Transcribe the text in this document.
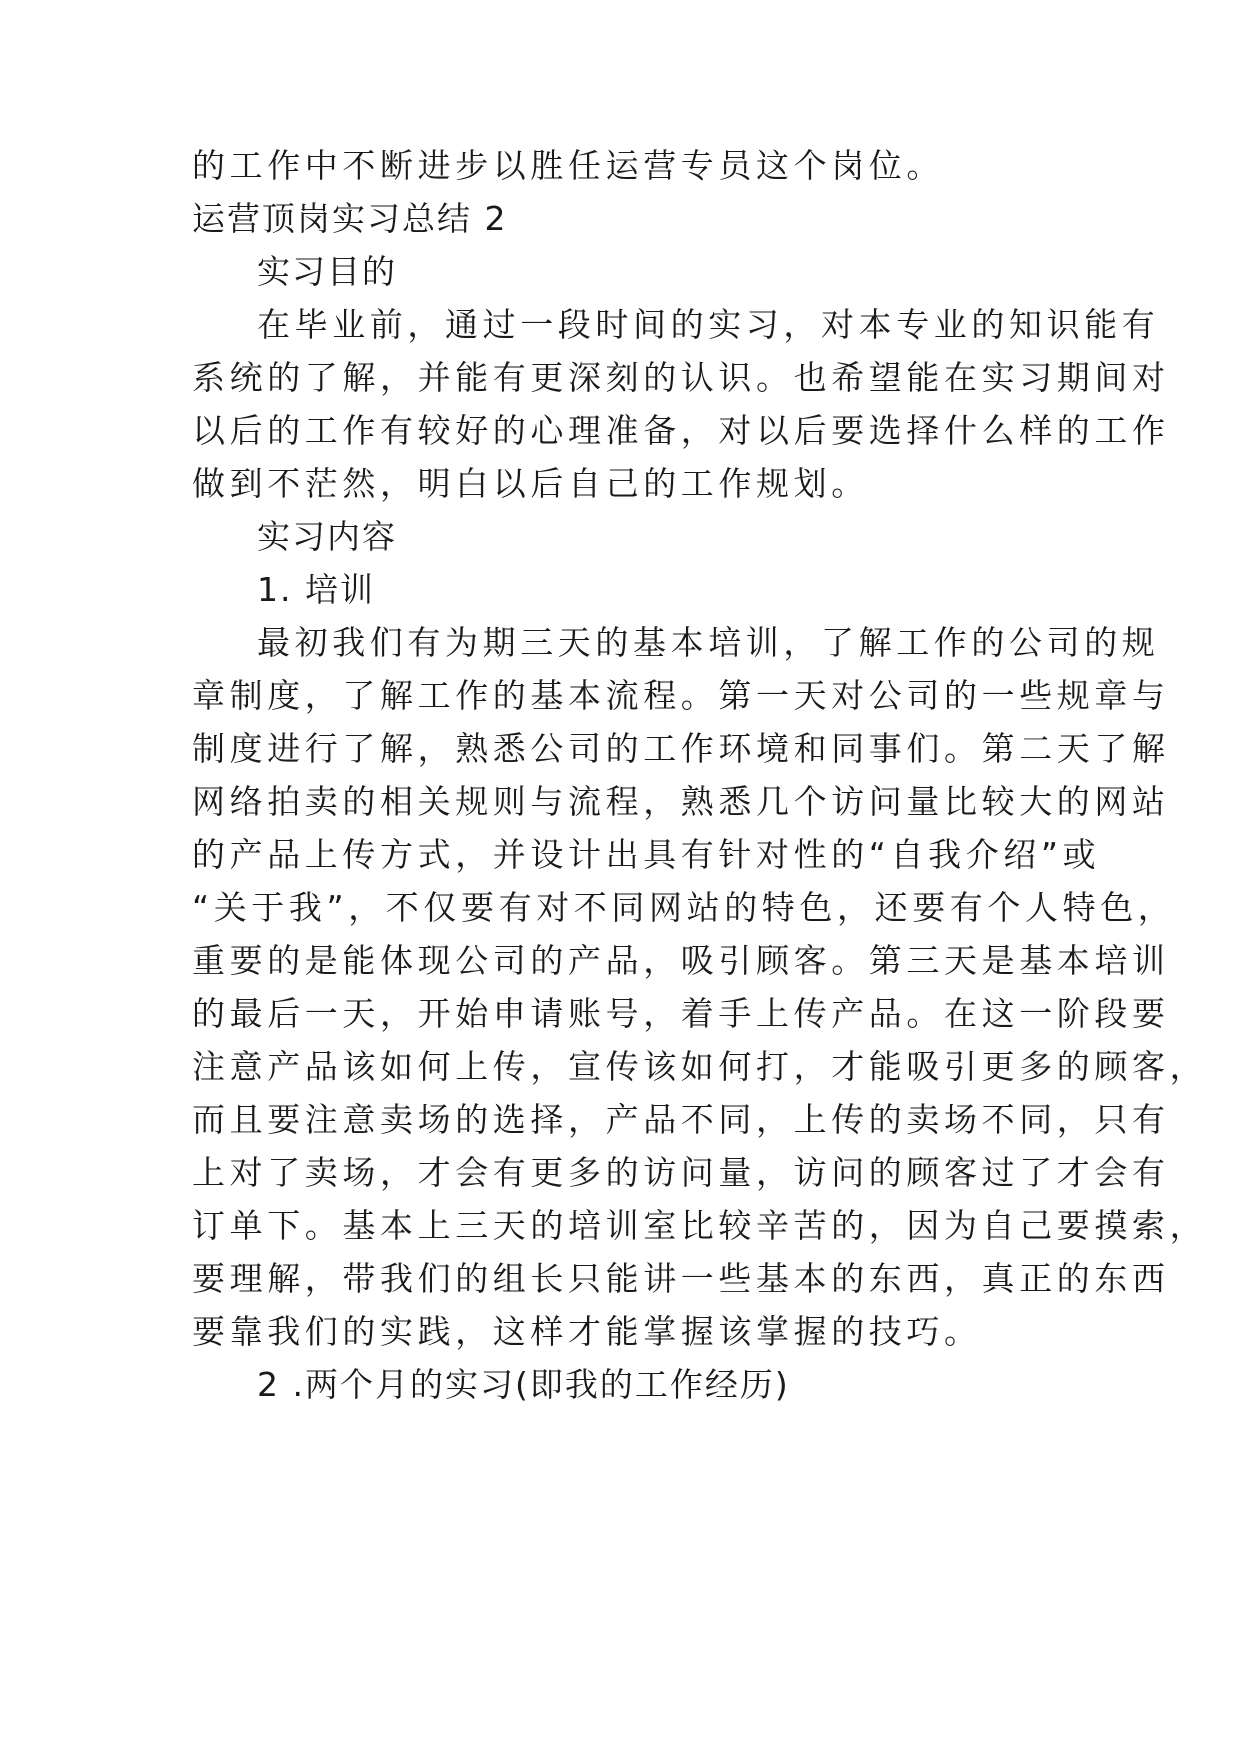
的工作中不断进步以胜任运营专员这个岗位。
运营顶岗实习总结 2
实习目的
在毕业前，通过一段时间的实习，对本专业的知识能有
系统的了解，并能有更深刻的认识。也希望能在实习期间对
以后的工作有较好的心理准备，对以后要选择什么样的工作
做到不茫然，明白以后自己的工作规划。
实习内容
1. 培训
最初我们有为期三天的基本培训，了解工作的公司的规
章制度，了解工作的基本流程。第一天对公司的一些规章与
制度进行了解，熟悉公司的工作环境和同事们。第二天了解
网络拍卖的相关规则与流程，熟悉几个访问量比较大的网站
的产品上传方式，并设计出具有针对性的“自我介绍”或
“关于我”，不仅要有对不同网站的特色，还要有个人特色，
重要的是能体现公司的产品，吸引顾客。第三天是基本培训
的最后一天，开始申请账号，着手上传产品。在这一阶段要
注意产品该如何上传，宣传该如何打，才能吸引更多的顾客，
而且要注意卖场的选择，产品不同，上传的卖场不同，只有
上对了卖场，才会有更多的访问量，访问的顾客过了才会有
订单下。基本上三天的培训室比较辛苦的，因为自己要摸索，
要理解，带我们的组长只能讲一些基本的东西，真正的东西
要靠我们的实践，这样才能掌握该掌握的技巧。
2 .两个月的实习(即我的工作经历)
